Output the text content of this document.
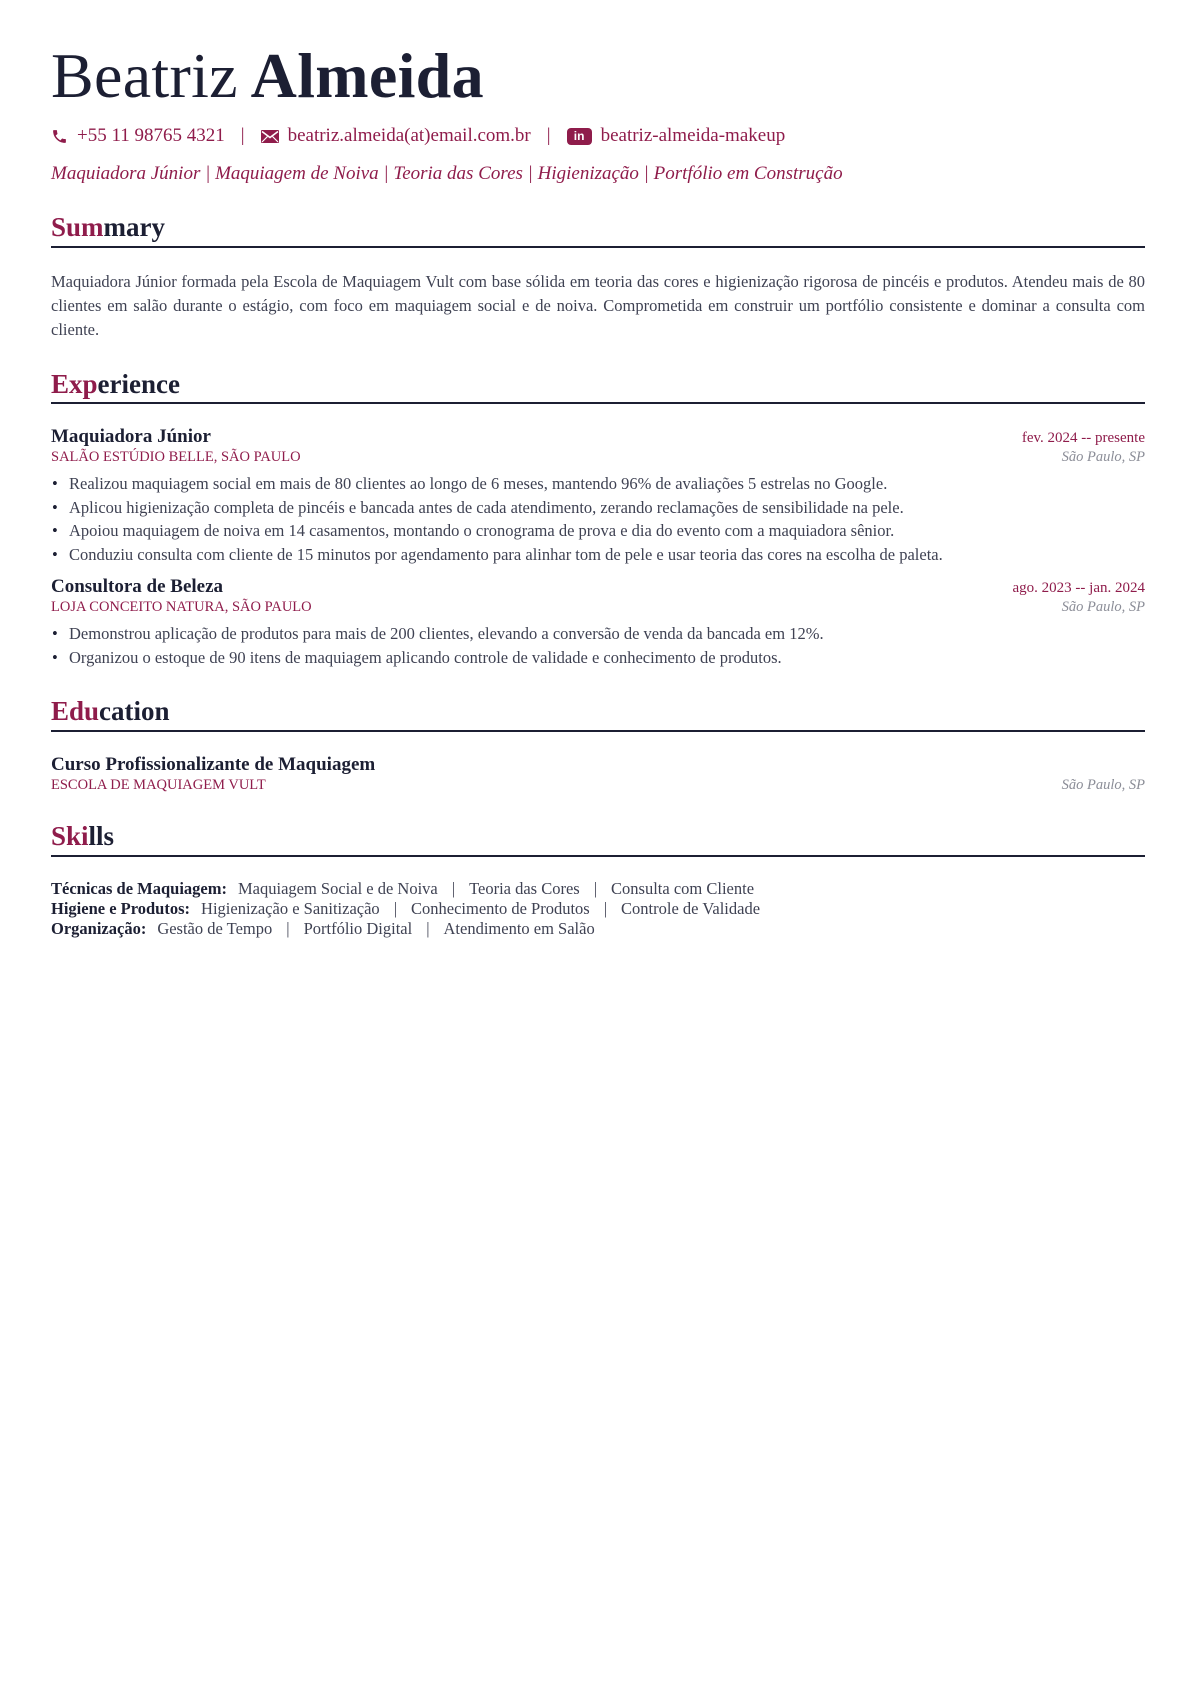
Beatriz Almeida
+55 11 98765 4321 | beatriz.almeida(at)email.com.br |	in beatriz-almeida-makeup
Maquiadora Júnior | Maquiagem de Noiva | Teoria das Cores | Higienização | Portfólio em Construção
Summary
Maquiadora Júnior formada pela Escola de Maquiagem Vult com base sólida em teoria das cores e higienização rigorosa de pincéis e produtos. Atendeu mais de 80 clientes em salão durante o estágio, com foco em maquiagem social e de noiva. Comprometida em construir um portfólio consistente e dominar a consulta com cliente.
Experience
Maquiadora Júnior	fev. 2024 -- presente
SALÃO ESTÚDIO BELLE, SÃO PAULO	São Paulo, SP
• Realizou maquiagem social em mais de 80 clientes ao longo de 6 meses, mantendo 96% de avaliações 5 estrelas no Google.
• Aplicou higienização completa de pincéis e bancada antes de cada atendimento, zerando reclamações de sensibilidade na pele.
• Apoiou maquiagem de noiva em 14 casamentos, montando o cronograma de prova e dia do evento com a maquiadora sênior.
• Conduziu consulta com cliente de 15 minutos por agendamento para alinhar tom de pele e usar teoria das cores na escolha de paleta.
Consultora de Beleza	ago. 2023 -- jan. 2024
LOJA CONCEITO NATURA, SÃO PAULO	São Paulo, SP
• Demonstrou aplicação de produtos para mais de 200 clientes, elevando a conversão de venda da bancada em 12%.
• Organizou o estoque de 90 itens de maquiagem aplicando controle de validade e conhecimento de produtos.
Education
Curso Profissionalizante de Maquiagem
ESCOLA DE MAQUIAGEM VULT	São Paulo, SP
Skills
Técnicas de Maquiagem: Maquiagem Social e de Noiva | Teoria das Cores | Consulta com Cliente
Higiene e Produtos: Higienização e Sanitização | Conhecimento de Produtos | Controle de Validade
Organização: Gestão de Tempo | Portfólio Digital | Atendimento em Salão
